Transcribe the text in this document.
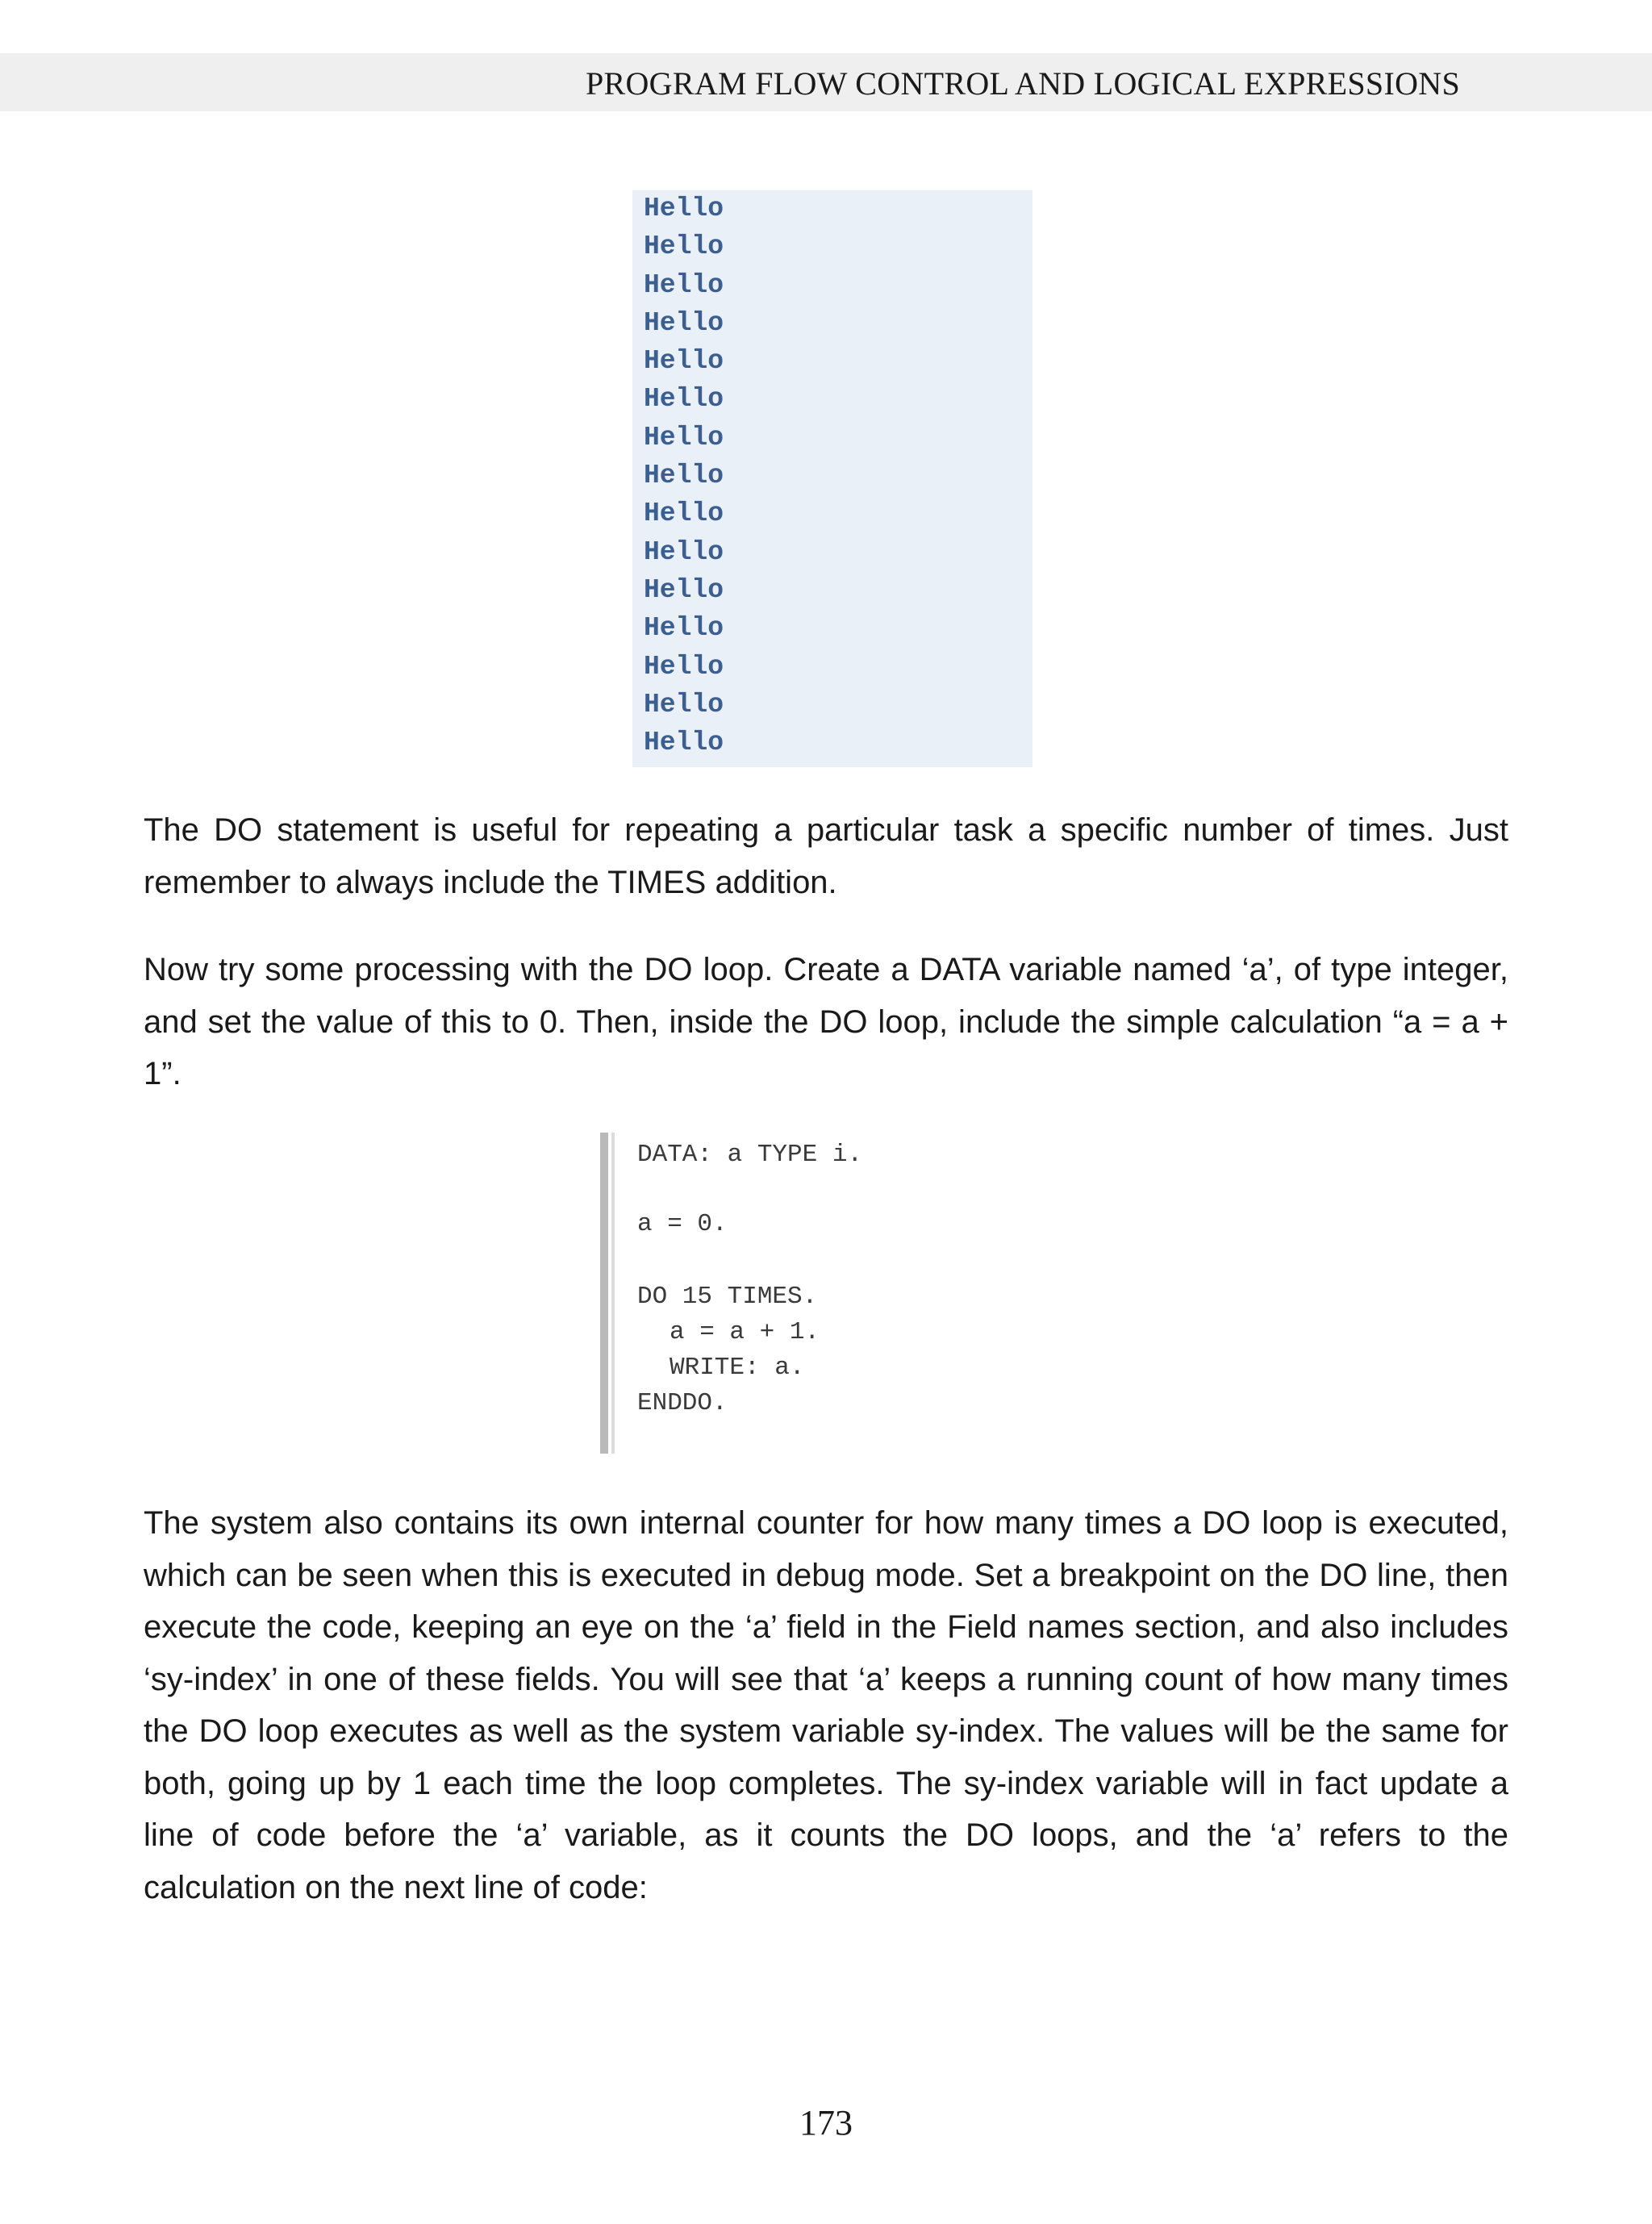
PROGRAM FLOW CONTROL AND LOGICAL EXPRESSIONS
Hello
Hello
Hello
Hello
Hello
Hello
Hello
Hello
Hello
Hello
Hello
Hello
Hello
Hello
Hello

The DO statement is useful for repeating a particular task a specific number of times. Just remember to always include the TIMES addition.

Now try some processing with the DO loop. Create a DATA variable named ‘a’, of type integer, and set the value of this to 0. Then, inside the DO loop, include the simple calculation “a = a + 1”.

DATA: a TYPE i.
a = 0.
DO 15 TIMES.
a = a + 1.
WRITE: a.
ENDDO.

The system also contains its own internal counter for how many times a DO loop is executed, which can be seen when this is executed in debug mode. Set a breakpoint on the DO line, then execute the code, keeping an eye on the ‘a’ field in the Field names section, and also includes ‘sy-index’ in one of these fields. You will see that ‘a’ keeps a running count of how many times the DO loop executes as well as the system variable sy-index. The values will be the same for both, going up by 1 each time the loop completes. The sy-index variable will in fact update a line of code before the ‘a’ variable, as it counts the DO loops, and the ‘a’ refers to the calculation on the next line of code:

173
